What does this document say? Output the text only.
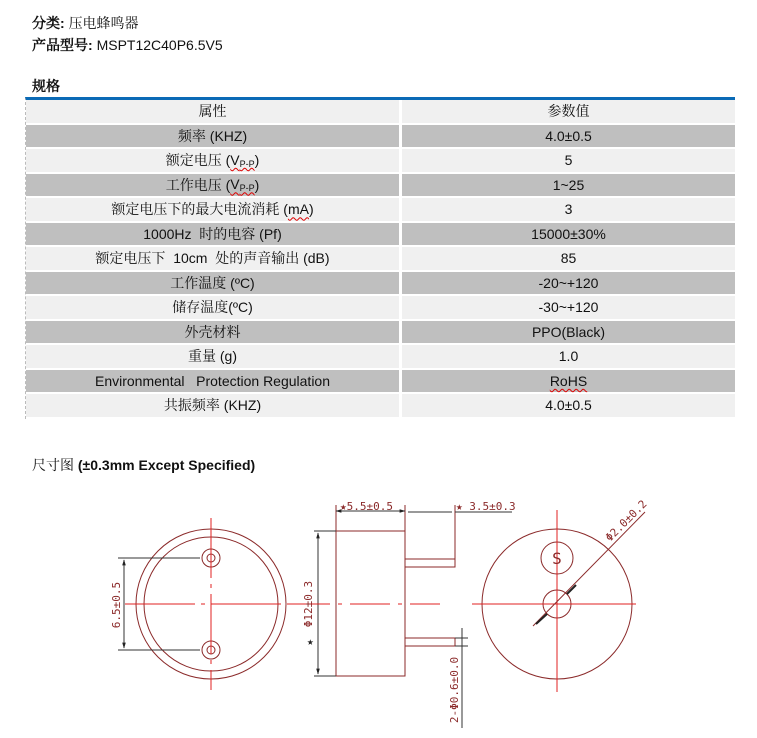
分类: 压电蜂鸣器
产品型号: MSPT12C40P6.5V5
规格
属性	参数值
频率 (KHZ)	4.0±0.5
额定电压 ( $V_{P-P}$ )	5
工作电压 ( $V_{P-P}$ )	1~25
额定电压下的最大电流消耗 ( mA )	3
1000Hz  时的电容 (Pf)	15000±30%
额定电压下  10cm  处的声音输出 (dB)	85
工作温度 (ºC)	-20~+120
储存温度(ºC)	-30~+120
外壳材料	PPO(Black)
重量 (g)	1.0
Environmental   Protection Regulation	RoHS
共振频率 (KHZ)	4.0±0.5
尺寸图 (±0.3mm Except Specified)
6.5±0.5
★5.5±0.5	★ 3.5±0.3
Φ12±0.3
★
2-Φ0.6±0.0
S
Φ2.0±0.2
